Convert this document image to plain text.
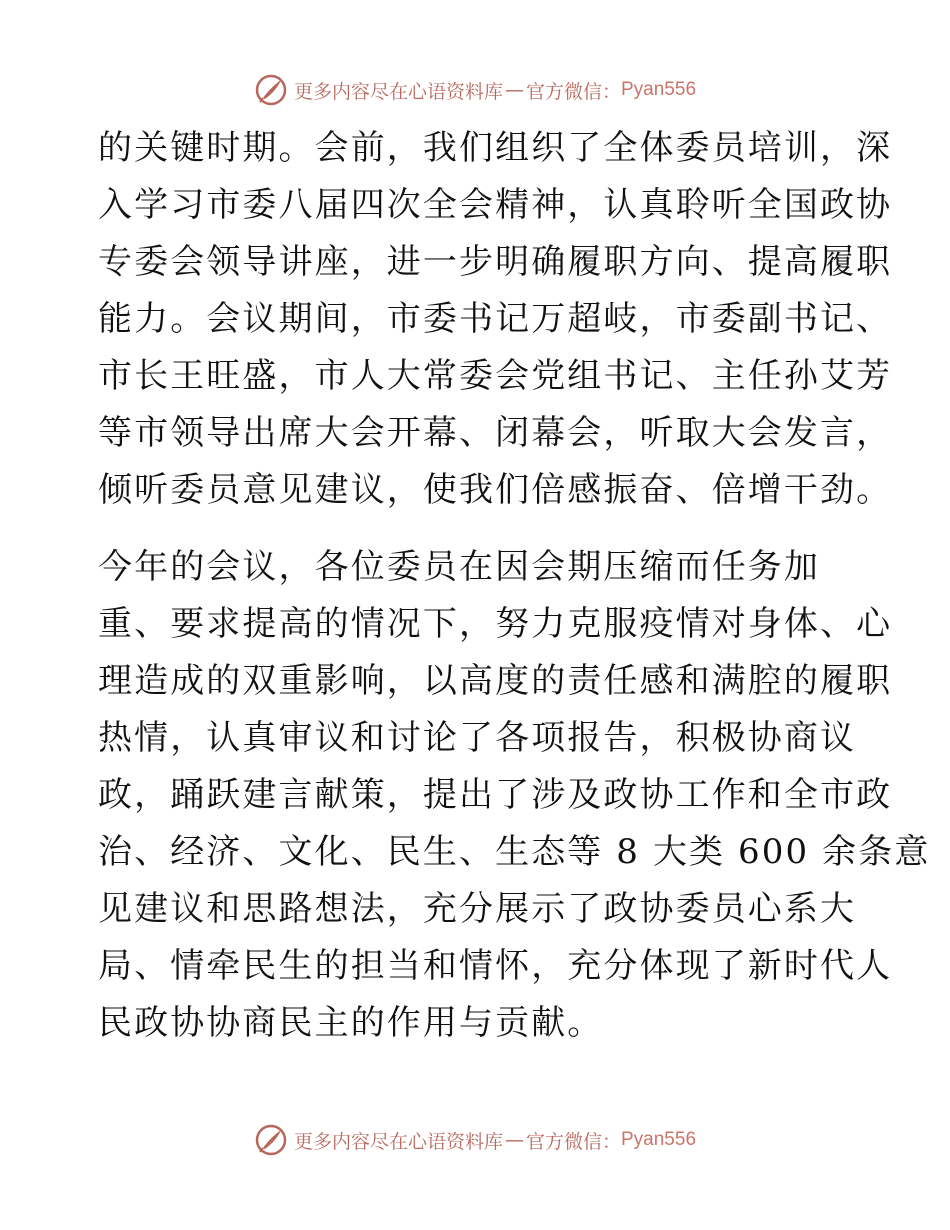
更多内容尽在心语资料库 — 官方微信： Pyan556
的关键时期。会前，我们组织了全体委员培训，深
入学习市委八届四次全会精神，认真聆听全国政协
专委会领导讲座，进一步明确履职方向、提高履职
能力。会议期间，市委书记万超岐，市委副书记、
市长王旺盛，市人大常委会党组书记、主任孙艾芳
等市领导出席大会开幕、闭幕会，听取大会发言，
倾听委员意见建议，使我们倍感振奋、倍增干劲。
今年的会议，各位委员在因会期压缩而任务加
重、要求提高的情况下，努力克服疫情对身体、心
理造成的双重影响，以高度的责任感和满腔的履职
热情，认真审议和讨论了各项报告，积极协商议
政，踊跃建言献策，提出了涉及政协工作和全市政
治、经济、文化、民生、生态等 8 大类 600 余条意
见建议和思路想法，充分展示了政协委员心系大
局、情牵民生的担当和情怀，充分体现了新时代人
民政协协商民主的作用与贡献。
更多内容尽在心语资料库 — 官方微信： Pyan556
